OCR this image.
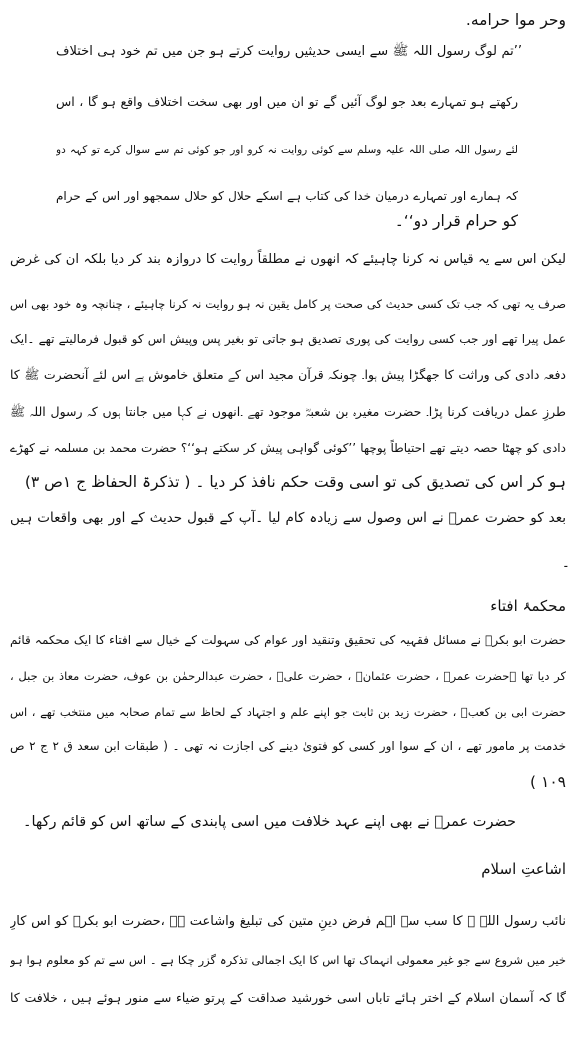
وحر موا حرامه.
’’تم لوگ رسول اللہ ﷺ سے ایسی حدیثیں روایت کرتے ہو جن میں تم خود ہی اختلاف
رکھتے ہو تمہارے بعد جو لوگ آئیں گے تو ان میں اور بھی سخت اختلاف واقع ہو گا ، اس
لئے رسول اللہ صلی اللہ علیہ وسلم سے کوئی روایت نہ کرو اور جو کوئی تم سے سوال کرے تو کہہ دو
کہ ہمارے اور تمہارے درمیان خدا کی کتاب ہے اسکے حلال کو حلال سمجھو اور اس کے حرام
کو حرام قرار دو‘‘۔
لیکن اس سے یہ قیاس نہ کرنا چاہیئے کہ انھوں نے مطلقاً روایت کا دروازہ بند کر دیا بلکہ ان کی غرض
صرف یہ تھی کہ جب تک کسی حدیث کی صحت پر کامل یقین نہ ہو روایت نہ کرنا چاہیئے ، چنانچہ وہ خود بھی اس
عمل پیرا تھے اور جب کسی روایت کی پوری تصدیق ہو جاتی تو بغیر پس وپیش اس کو قبول فرمالیتے تھے ۔ایک
دفعہ دادی کی وراثت کا جھگڑا پیش ہوا۔ چونکہ قرآن مجید اس کے متعلق خاموش ہے اس لئے آنحضرت ﷺ کا
طرزِ عمل دریافت کرنا پڑا۔ حضرت مغیرہ بن شعبہؓ موجود تھے ۔انھوں نے کہا میں جانتا ہوں کہ رسول اللہ ﷺ
دادی کو چھٹا حصہ دیتے تھے احتیاطاً پوچھا ’’کوئی گواہی پیش کر سکتے ہو‘‘؟ حضرت محمد بن مسلمہ نے کھڑے
ہو کر اس کی تصدیق کی تو اسی وقت حکم نافذ کر دیا ۔ ( تذکرۃ الحفاظ ج ۱ص ۳)
بعد کو حضرت عمرؓ نے اس وصول سے زیادہ کام لیا ۔آپ کے قبول حدیث کے اور بھی واقعات ہیں
۔
محکمۂ افتاء
حضرت ابو بکرؓ نے مسائل فقہیہ کی تحقیق وتنقید اور عوام کی سہولت کے خیال سے افتاء کا ایک محکمہ قائم
کر دیا تھا ۔حضرت عمرؓ ، حضرت عثمانؓ ، حضرت علیؓ ، حضرت عبدالرحمٰن بن عوف، حضرت معاذ بن جبل ،
حضرت ابی بن کعبؓ ، حضرت زید بن ثابت جو اپنے علم و اجتہاد کے لحاظ سے تمام صحابہ میں منتخب تھے ، اس
خدمت پر مامور تھے ، ان کے سوا اور کسی کو فتویٰ دینے کی اجازت نہ تھی ۔ ( طبقات ابن سعد ق ۲ ج ۲ ص
۱۰۹ )
حضرت عمرؓ نے بھی اپنے عہد خلافت میں اسی پابندی کے ساتھ اس کو قائم رکھا۔
اشاعتِ اسلام
نائب رسول اللہ ﷺ کا سب سے اہم فرض دینِ متین کی تبلیغ واشاعت ہے ،حضرت ابو بکرؓ کو اس کارِ
خیر میں شروع سے جو غیر معمولی انہماک تھا اس کا ایک اجمالی تذکرہ گزر چکا ہے ۔ اس سے تم کو معلوم ہوا ہو
گا کہ آسمان اسلام کے اختر ہائے تاباں اسی خورشید صداقت کے پرتو ضیاء سے منور ہوئے ہیں ، خلافت کا
